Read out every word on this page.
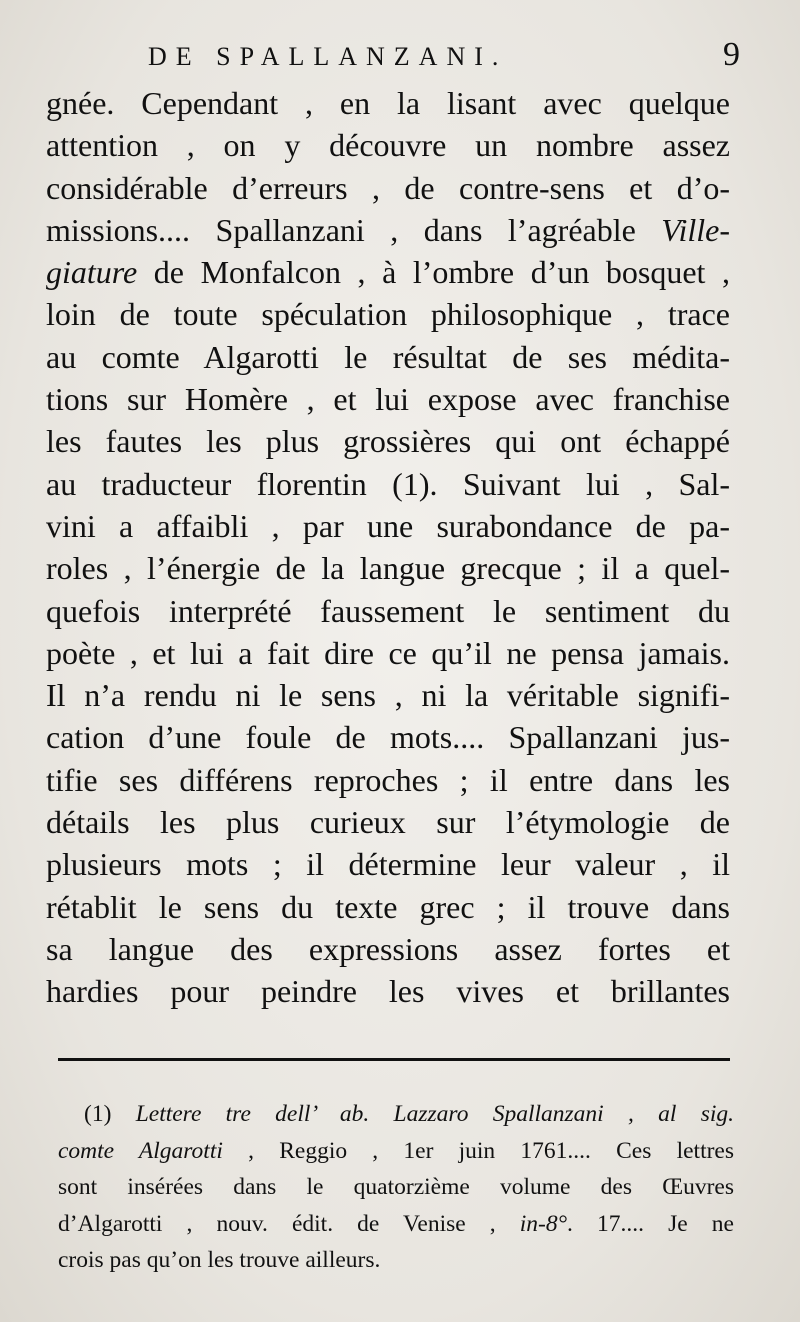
DE SPALLANZANI.	9
gnée. Cependant , en la lisant avec quelque
attention , on y découvre un nombre assez
considérable d’erreurs , de contre-sens et d’o-
missions.... Spallanzani , dans l’agréable Ville-
giature de Monfalcon , à l’ombre d’un bosquet ,
loin de toute spéculation philosophique , trace
au comte Algarotti le résultat de ses médita-
tions sur Homère , et lui expose avec franchise
les fautes les plus grossières qui ont échappé
au traducteur florentin (1). Suivant lui , Sal-
vini a affaibli , par une surabondance de pa-
roles , l’énergie de la langue grecque ; il a quel-
quefois interprété faussement le sentiment du
poète , et lui a fait dire ce qu’il ne pensa jamais.
Il n’a rendu ni le sens , ni la véritable signifi-
cation d’une foule de mots.... Spallanzani jus-
tifie ses différens reproches ; il entre dans les
détails les plus curieux sur l’étymologie de
plusieurs mots ; il détermine leur valeur , il
rétablit le sens du texte grec ; il trouve dans
sa langue des expressions assez fortes et
hardies pour peindre les vives et brillantes
(1) Lettere tre dell’ ab. Lazzaro Spallanzani , al sig.
comte Algarotti , Reggio , 1er juin 1761.... Ces lettres
sont insérées dans le quatorzième volume des Œuvres
d’Algarotti , nouv. édit. de Venise , in-8°. 17.... Je ne
crois pas qu’on les trouve ailleurs.
